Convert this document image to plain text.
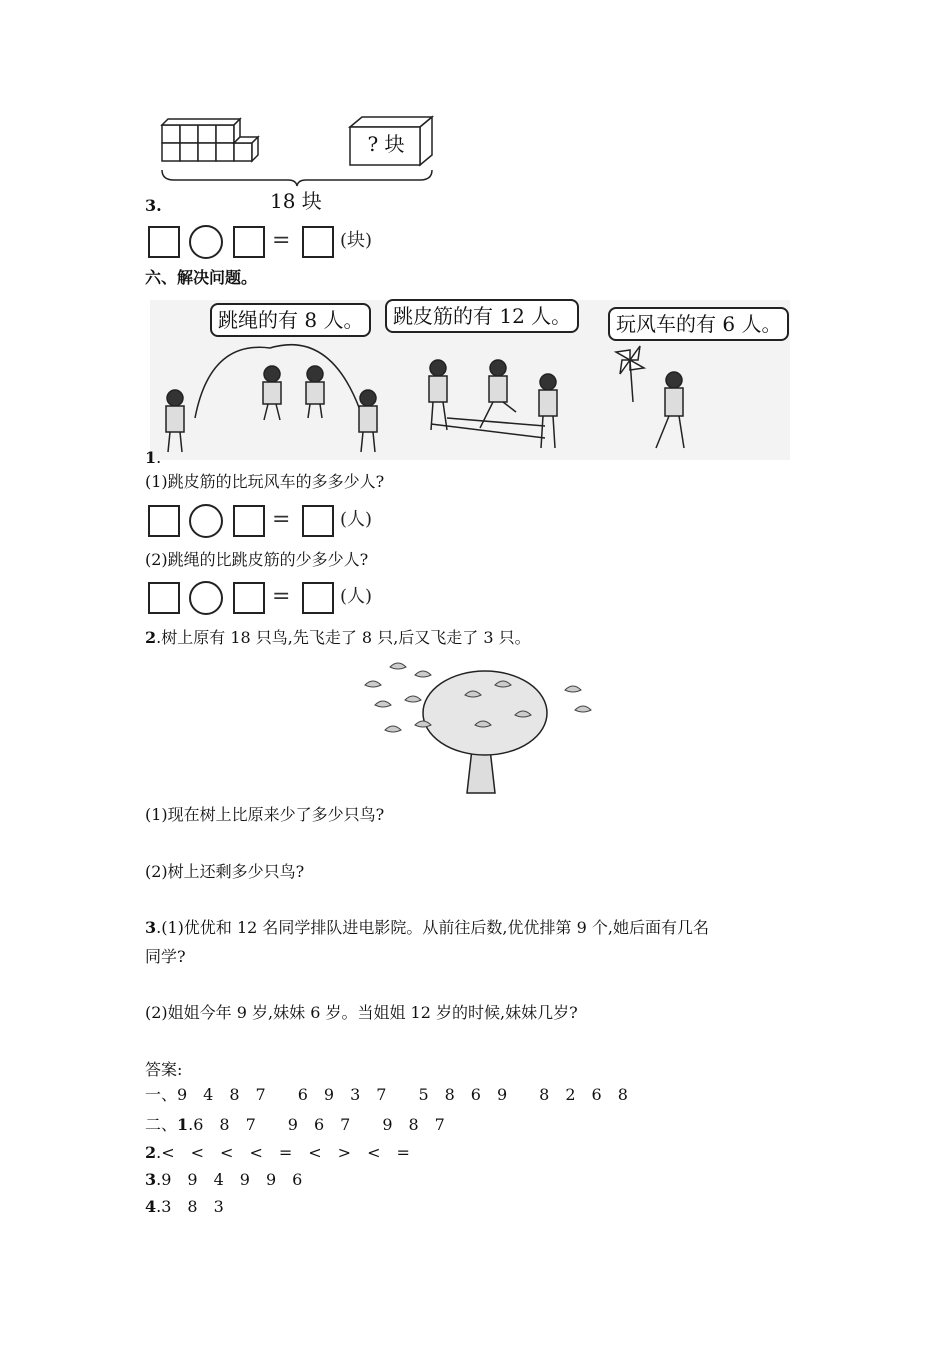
? 块
18 块
3.
=	(块)
六、解决问题。
跳绳的有 8 人。	跳皮筋的有 12 人。	玩风车的有 6 人。
1.
(1)跳皮筋的比玩风车的多多少人?
=	(人)
(2)跳绳的比跳皮筋的少多少人?
=	(人)
2.树上原有 18 只鸟,先飞走了 8 只,后又飞走了 3 只。
(1)现在树上比原来少了多少只鸟?
(2)树上还剩多少只鸟?
3.(1)优优和 12 名同学排队进电影院。从前往后数,优优排第 9 个,她后面有几名
同学?
(2)姐姐今年 9 岁,妹妹 6 岁。当姐姐 12 岁的时候,妹妹几岁?
答案:
一、9　4　8　7　　6　9　3　7　　5　8　6　9　　8　2　6　8
二、1.6　8　7　　9　6　7　　9　8　7
2.<　<　<　<　=　<　>　<　=
3.9　9　4　9　9　6
4.3　8　3
